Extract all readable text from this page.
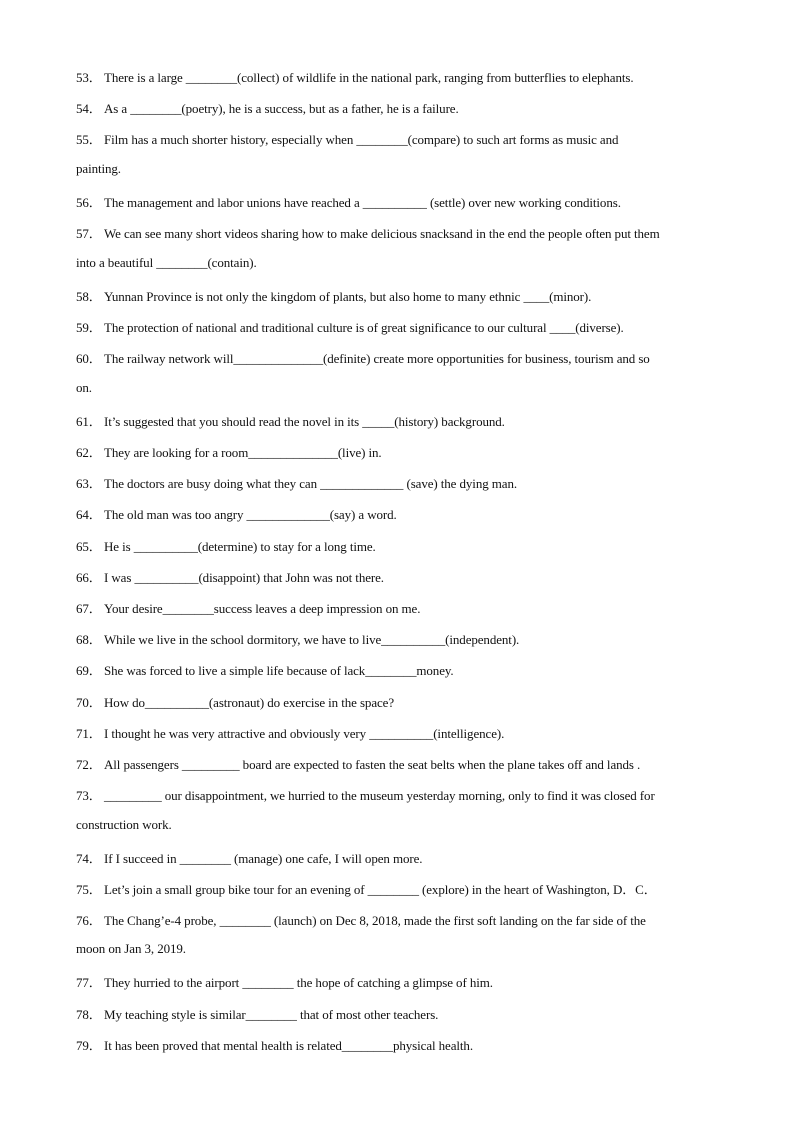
53． There is a large ________(collect) of wildlife in the national park, ranging from butterflies to elephants.
54． As a ________(poetry), he is a success, but as a father, he is a failure.
55． Film has a much shorter history, especially when ________(compare) to such art forms as music and
painting.
56． The management and labor unions have reached a __________ (settle) over new working conditions.
57． We can see many short videos sharing how to make delicious snacksand in the end the people often put them
into a beautiful ________(contain).
58． Yunnan Province is not only the kingdom of plants, but also home to many ethnic ____(minor).
59． The protection of national and traditional culture is of great significance to our cultural ____(diverse).
60． The railway network will______________(definite) create more opportunities for business, tourism and so
on.
61． It’s suggested that you should read the novel in its _____(history) background.
62． They are looking for a room______________(live) in.
63． The doctors are busy doing what they can _____________ (save) the dying man.
64． The old man was too angry _____________(say) a word.
65． He is __________(determine) to stay for a long time.
66． I was __________(disappoint) that John was not there.
67． Your desire________success leaves a deep impression on me.
68． While we live in the school dormitory, we have to live__________(independent).
69． She was forced to live a simple life because of lack________money.
70． How do__________(astronaut) do exercise in the space?
71． I thought he was very attractive and obviously very __________(intelligence).
72． All passengers _________ board are expected to fasten the seat belts when the plane takes off and lands .
73． _________ our disappointment, we hurried to the museum yesterday morning, only to find it was closed for
construction work.
74． If I succeed in ________ (manage) one cafe, I will open more.
75． Let’s join a small group bike tour for an evening of ________ (explore) in the heart of Washington, D．C．
76． The Chang’e-4 probe, ________ (launch) on Dec 8, 2018, made the first soft landing on the far side of the
moon on Jan 3, 2019.
77． They hurried to the airport ________ the hope of catching a glimpse of him.
78． My teaching style is similar________ that of most other teachers.
79． It has been proved that mental health is related________physical health.
